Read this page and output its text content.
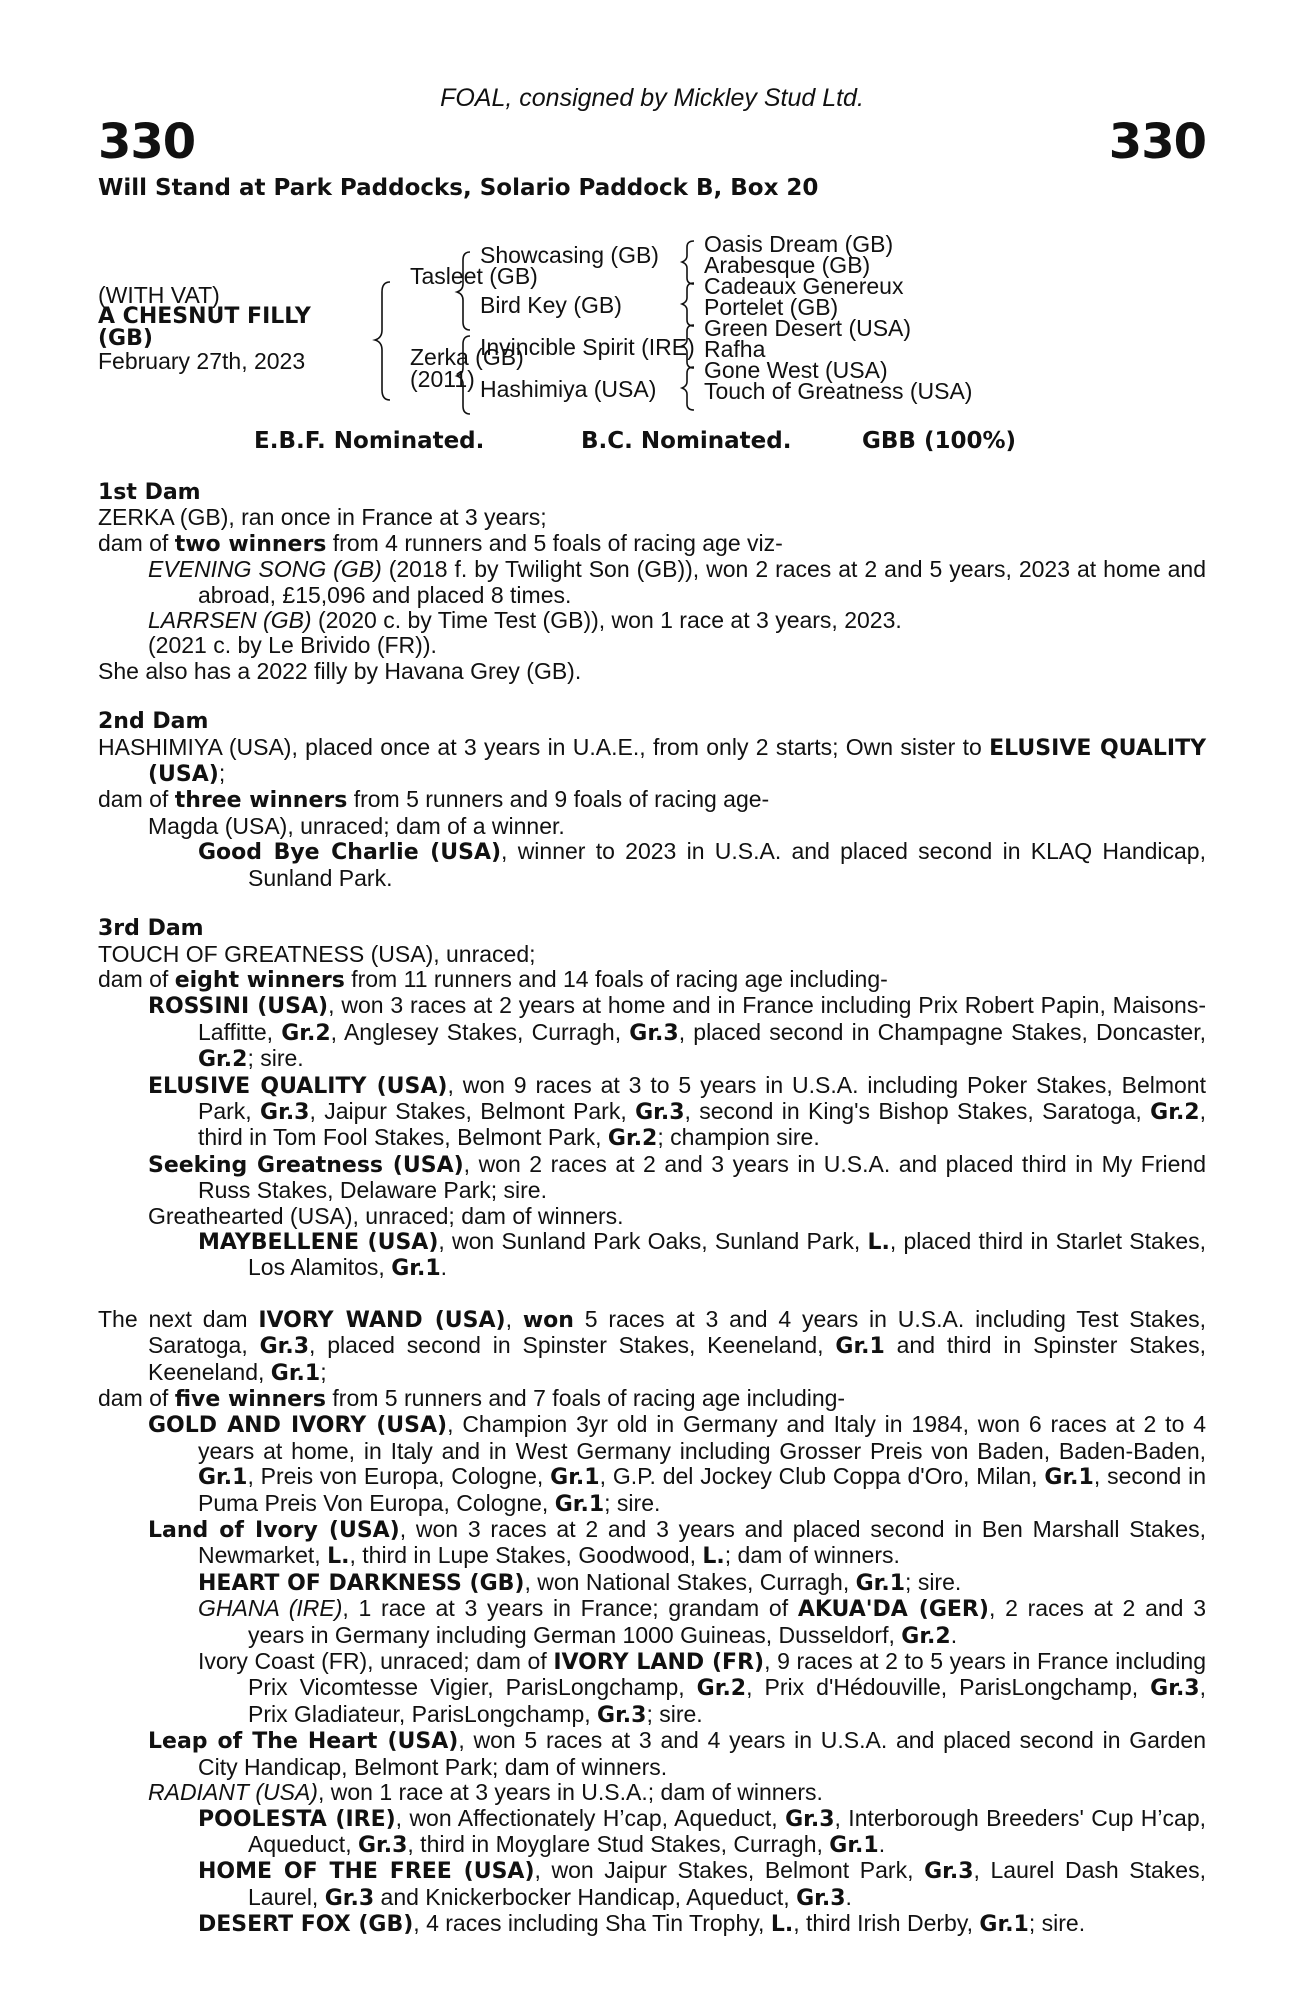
FOAL, consigned by Mickley Stud Ltd.
330	330
Will Stand at Park Paddocks, Solario Paddock B, Box 20
(WITH VAT)
A CHESNUT FILLY
(GB)
February 27th, 2023
Tasleet (GB)
Zerka (GB)
(2011)
Showcasing (GB)
Bird Key (GB)
Invincible Spirit (IRE)
Hashimiya (USA)
Oasis Dream (GB)
Arabesque (GB)
Cadeaux Genereux
Portelet (GB)
Green Desert (USA)
Rafha
Gone West (USA)
Touch of Greatness (USA)
E.B.F. Nominated.	B.C. Nominated.	GBB (100%)
1st Dam
ZERKA (GB), ran once in France at 3 years;
dam of two winners from 4 runners and 5 foals of racing age viz-
EVENING SONG (GB) (2018 f. by Twilight Son (GB)), won 2 races at 2 and 5 years, 2023 at home and abroad, £15,096 and placed 8 times.
LARRSEN (GB) (2020 c. by Time Test (GB)), won 1 race at 3 years, 2023.
(2021 c. by Le Brivido (FR)).
She also has a 2022 filly by Havana Grey (GB).
2nd Dam
HASHIMIYA (USA), placed once at 3 years in U.A.E., from only 2 starts; Own sister to ELUSIVE QUALITY (USA);
dam of three winners from 5 runners and 9 foals of racing age-
Magda (USA), unraced; dam of a winner.
Good Bye Charlie (USA), winner to 2023 in U.S.A. and placed second in KLAQ Handicap, Sunland Park.
3rd Dam
TOUCH OF GREATNESS (USA), unraced;
dam of eight winners from 11 runners and 14 foals of racing age including-
ROSSINI (USA), won 3 races at 2 years at home and in France including Prix Robert Papin, Maisons-Laffitte, Gr.2, Anglesey Stakes, Curragh, Gr.3, placed second in Champagne Stakes, Doncaster, Gr.2; sire.
ELUSIVE QUALITY (USA), won 9 races at 3 to 5 years in U.S.A. including Poker Stakes, Belmont Park, Gr.3, Jaipur Stakes, Belmont Park, Gr.3, second in King's Bishop Stakes, Saratoga, Gr.2, third in Tom Fool Stakes, Belmont Park, Gr.2; champion sire.
Seeking Greatness (USA), won 2 races at 2 and 3 years in U.S.A. and placed third in My Friend Russ Stakes, Delaware Park; sire.
Greathearted (USA), unraced; dam of winners.
MAYBELLENE (USA), won Sunland Park Oaks, Sunland Park, L., placed third in Starlet Stakes, Los Alamitos, Gr.1.
The next dam IVORY WAND (USA), won 5 races at 3 and 4 years in U.S.A. including Test Stakes, Saratoga, Gr.3, placed second in Spinster Stakes, Keeneland, Gr.1 and third in Spinster Stakes, Keeneland, Gr.1;
dam of five winners from 5 runners and 7 foals of racing age including-
GOLD AND IVORY (USA), Champion 3yr old in Germany and Italy in 1984, won 6 races at 2 to 4 years at home, in Italy and in West Germany including Grosser Preis von Baden, Baden-Baden, Gr.1, Preis von Europa, Cologne, Gr.1, G.P. del Jockey Club Coppa d'Oro, Milan, Gr.1, second in Puma Preis Von Europa, Cologne, Gr.1; sire.
Land of Ivory (USA), won 3 races at 2 and 3 years and placed second in Ben Marshall Stakes, Newmarket, L., third in Lupe Stakes, Goodwood, L.; dam of winners.
HEART OF DARKNESS (GB), won National Stakes, Curragh, Gr.1; sire.
GHANA (IRE), 1 race at 3 years in France; grandam of AKUA'DA (GER), 2 races at 2 and 3 years in Germany including German 1000 Guineas, Dusseldorf, Gr.2.
Ivory Coast (FR), unraced; dam of IVORY LAND (FR), 9 races at 2 to 5 years in France including Prix Vicomtesse Vigier, ParisLongchamp, Gr.2, Prix d'Hédouville, ParisLongchamp, Gr.3, Prix Gladiateur, ParisLongchamp, Gr.3; sire.
Leap of The Heart (USA), won 5 races at 3 and 4 years in U.S.A. and placed second in Garden City Handicap, Belmont Park; dam of winners.
RADIANT (USA), won 1 race at 3 years in U.S.A.; dam of winners.
POOLESTA (IRE), won Affectionately H’cap, Aqueduct, Gr.3, Interborough Breeders' Cup H’cap, Aqueduct, Gr.3, third in Moyglare Stud Stakes, Curragh, Gr.1.
HOME OF THE FREE (USA), won Jaipur Stakes, Belmont Park, Gr.3, Laurel Dash Stakes, Laurel, Gr.3 and Knickerbocker Handicap, Aqueduct, Gr.3.
DESERT FOX (GB), 4 races including Sha Tin Trophy, L., third Irish Derby, Gr.1; sire.
